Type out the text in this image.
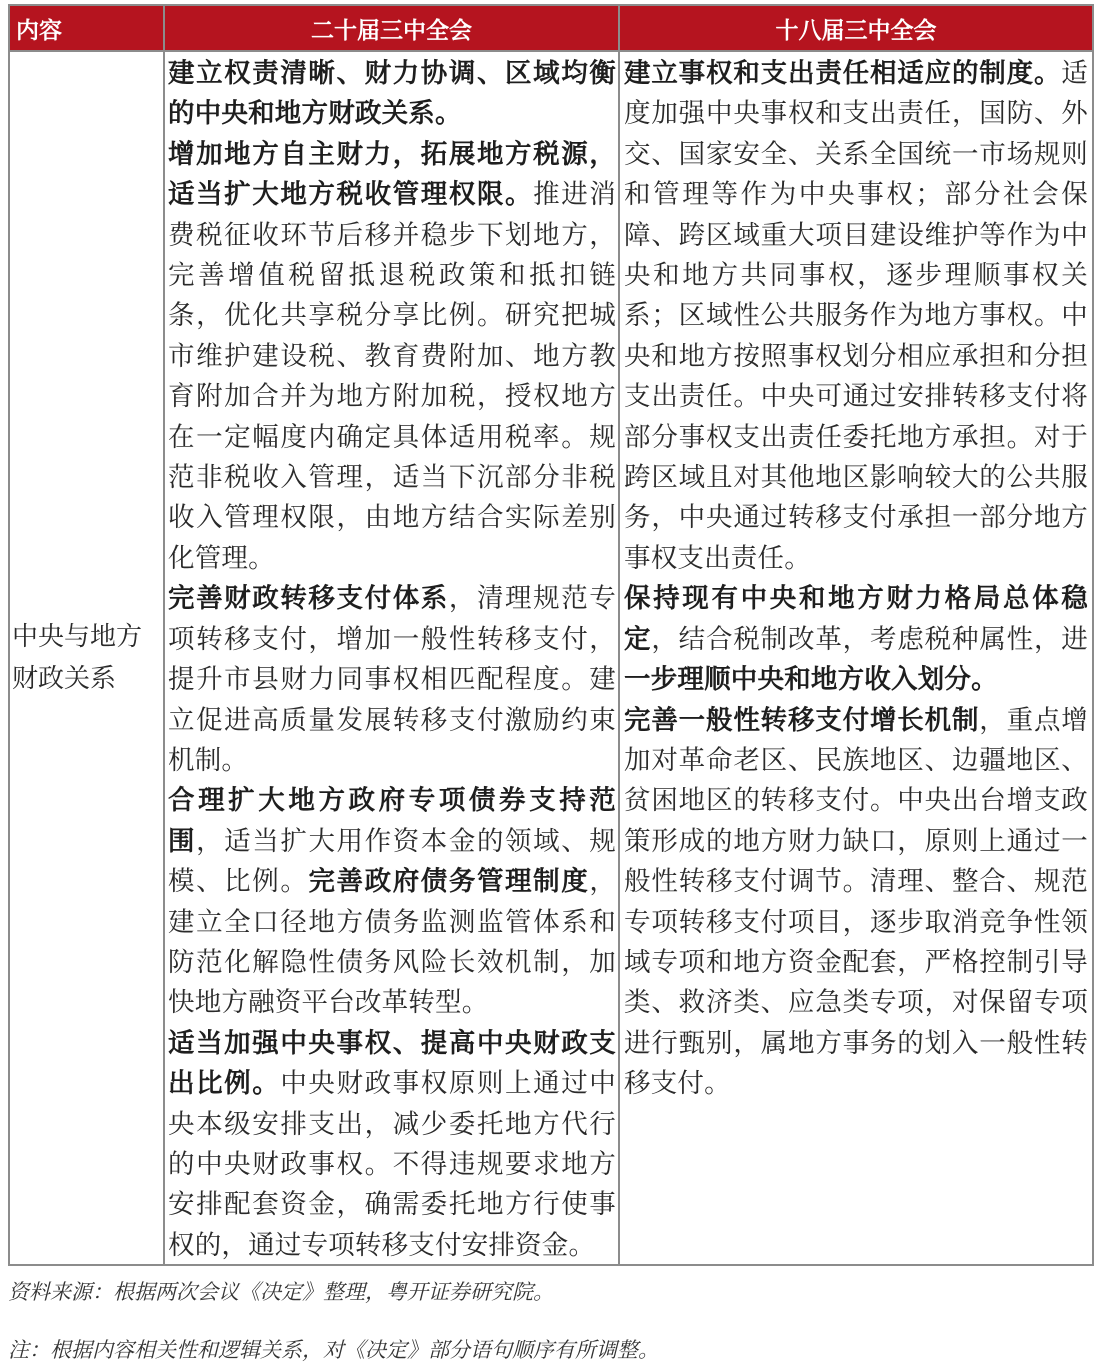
内容	二十届三中全会	十八届三中全会
中央与地方财政关系

建立权责清晰、财力协调、区域均衡的中央和地方财政关系。

增加地方自主财力，拓展地方税源，适当扩大地方税收管理权限。推进消费税征收环节后移并稳步下划地方，完善增值税留抵退税政策和抵扣链条，优化共享税分享比例。研究把城市维护建设税、教育费附加、地方教育附加合并为地方附加税，授权地方在一定幅度内确定具体适用税率。规范非税收入管理，适当下沉部分非税收入管理权限，由地方结合实际差别化管理。

完善财政转移支付体系，清理规范专项转移支付，增加一般性转移支付，提升市县财力同事权相匹配程度。建立促进高质量发展转移支付激励约束机制。

合理扩大地方政府专项债券支持范围，适当扩大用作资本金的领域、规模、比例。完善政府债务管理制度，建立全口径地方债务监测监管体系和防范化解隐性债务风险长效机制，加快地方融资平台改革转型。

适当加强中央事权、提高中央财政支出比例。中央财政事权原则上通过中央本级安排支出，减少委托地方代行的中央财政事权。不得违规要求地方安排配套资金，确需委托地方行使事权的，通过专项转移支付安排资金。

建立事权和支出责任相适应的制度。适度加强中央事权和支出责任，国防、外交、国家安全、关系全国统一市场规则和管理等作为中央事权；部分社会保障、跨区域重大项目建设维护等作为中央和地方共同事权，逐步理顺事权关系；区域性公共服务作为地方事权。中央和地方按照事权划分相应承担和分担支出责任。中央可通过安排转移支付将部分事权支出责任委托地方承担。对于跨区域且对其他地区影响较大的公共服务，中央通过转移支付承担一部分地方事权支出责任。

保持现有中央和地方财力格局总体稳定，结合税制改革，考虑税种属性，进一步理顺中央和地方收入划分。

完善一般性转移支付增长机制，重点增加对革命老区、民族地区、边疆地区、贫困地区的转移支付。中央出台增支政策形成的地方财力缺口，原则上通过一般性转移支付调节。清理、整合、规范专项转移支付项目，逐步取消竞争性领域专项和地方资金配套，严格控制引导类、救济类、应急类专项，对保留专项进行甄别，属地方事务的划入一般性转移支付。

资料来源：根据两次会议《决定》整理，粤开证券研究院。
注：根据内容相关性和逻辑关系，对《决定》部分语句顺序有所调整。
